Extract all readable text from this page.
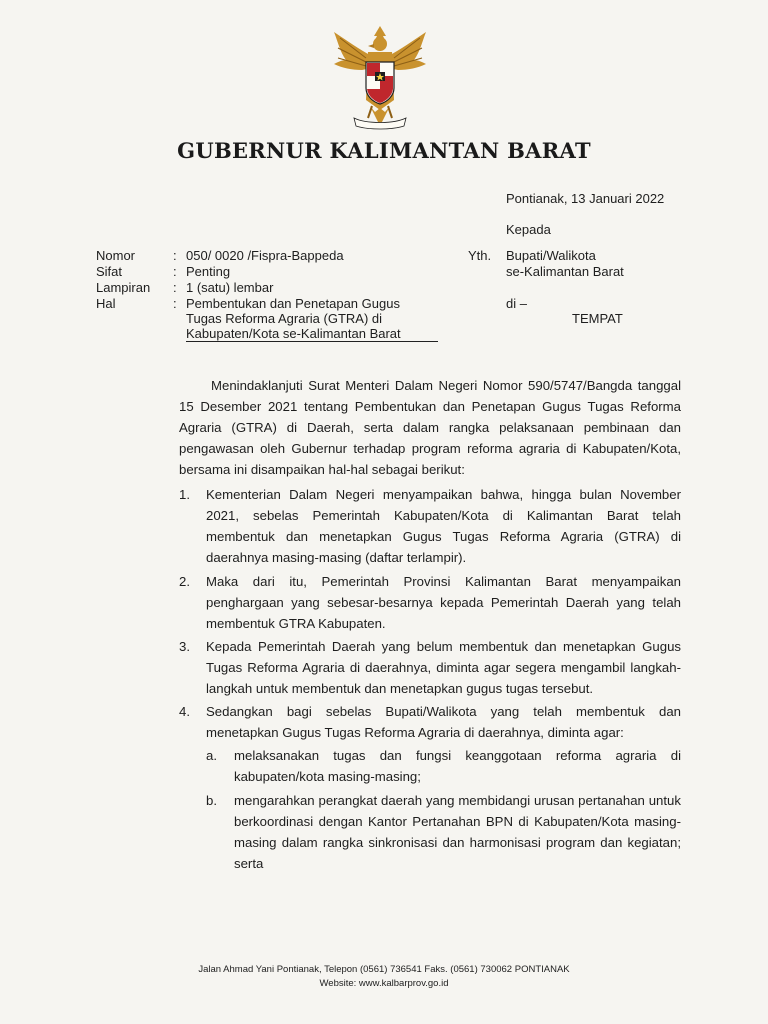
GUBERNUR KALIMANTAN BARAT
Pontianak, 13 Januari 2022
Kepada
Yth. Bupati/Walikota
se-Kalimantan Barat
di –
TEMPAT
Nomor	: 050/ 0020 /Fispra-Bappeda
Sifat	: Penting
Lampiran : 1 (satu) lembar
Hal	: Pembentukan dan Penetapan Gugus
Tugas Reforma Agraria (GTRA) di
Kabupaten/Kota se-Kalimantan Barat
Menindaklanjuti Surat Menteri Dalam Negeri Nomor 590/5747/Bangda tanggal 15 Desember 2021 tentang Pembentukan dan Penetapan Gugus Tugas Reforma Agraria (GTRA) di Daerah, serta dalam rangka pelaksanaan pembinaan dan pengawasan oleh Gubernur terhadap program reforma agraria di Kabupaten/Kota, bersama ini disampaikan hal-hal sebagai berikut:
1. Kementerian Dalam Negeri menyampaikan bahwa, hingga bulan November 2021, sebelas Pemerintah Kabupaten/Kota di Kalimantan Barat telah membentuk dan menetapkan Gugus Tugas Reforma Agraria (GTRA) di daerahnya masing-masing (daftar terlampir).
2. Maka dari itu, Pemerintah Provinsi Kalimantan Barat menyampaikan penghargaan yang sebesar-besarnya kepada Pemerintah Daerah yang telah membentuk GTRA Kabupaten.
3. Kepada Pemerintah Daerah yang belum membentuk dan menetapkan Gugus Tugas Reforma Agraria di daerahnya, diminta agar segera mengambil langkah-langkah untuk membentuk dan menetapkan gugus tugas tersebut.
4. Sedangkan bagi sebelas Bupati/Walikota yang telah membentuk dan menetapkan Gugus Tugas Reforma Agraria di daerahnya, diminta agar:
a. melaksanakan tugas dan fungsi keanggotaan reforma agraria di kabupaten/kota masing-masing;
b. mengarahkan perangkat daerah yang membidangi urusan pertanahan untuk berkoordinasi dengan Kantor Pertanahan BPN di Kabupaten/Kota masing-masing dalam rangka sinkronisasi dan harmonisasi program dan kegiatan; serta
Jalan Ahmad Yani Pontianak, Telepon (0561) 736541 Faks. (0561) 730062 PONTIANAK
Website: www.kalbarprov.go.id
